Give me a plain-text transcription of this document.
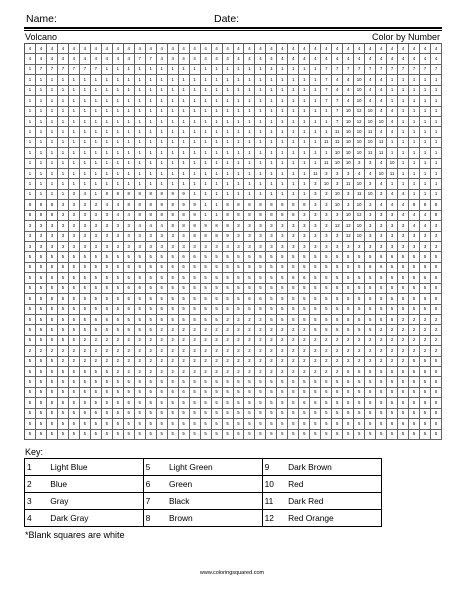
Name:	Date:
Volcano	Color by Number
4	4	4	4	4	4	4	4	4	4	4	4	4	4	4	4	4	4	4	4	4	4	4	4	4	4	4	4	4	4	4	4	4	4	4	4	4	4
4	4	4	4	4	4	4	4	4	4	7	7	4	4	4	4	4	4	4	4	4	4	4	4	4	4	4	4	4	4	4	4	4	4	4	4	4	4
1	7	7	7	7	7	7	1	1	1	1	1	1	1	1	1	1	1	1	1	1	1	1	1	1	1	1	7	7	7	7	7	7	7	7	7	7	7
1	1	1	1	1	1	1	1	1	1	1	1	1	1	1	1	1	1	1	1	1	1	1	1	1	1	1	7	4	4	10	4	4	1	1	1	1	1
1	1	1	1	1	1	1	1	1	1	1	1	1	1	1	1	1	1	1	1	1	1	1	1	1	1	1	7	4	4	10	4	4	1	1	1	1	1
1	1	1	1	1	1	1	1	1	1	1	1	1	1	1	1	1	1	1	1	1	1	1	1	1	1	1	7	7	4	10	4	4	1	1	1	1	1
1	1	1	1	1	1	1	1	1	1	1	1	1	1	1	1	1	1	1	1	1	1	1	1	1	1	1	1	7	10	12	10	4	4	1	1	1	1
1	1	1	1	1	1	1	1	1	1	1	1	1	1	1	1	1	1	1	1	1	1	1	1	1	1	1	1	7	10	12	10	10	4	1	1	1	1
1	1	1	1	1	1	1	1	1	1	1	1	1	1	1	1	1	1	1	1	1	1	1	1	1	1	1	1	11	10	10	11	4	4	1	1	1	1
1	1	1	1	1	1	1	1	1	1	1	1	1	1	1	1	1	1	1	1	1	1	1	1	1	1	1	11	11	10	10	10	11	1	1	1	1	1
1	1	1	1	1	1	1	1	1	1	1	1	1	1	1	1	1	1	1	1	1	1	1	1	1	1	1	1	10	10	10	11	11	1	1	1	1	1
1	1	1	1	1	1	1	1	1	1	1	1	1	1	1	1	1	1	1	1	1	1	1	1	1	1	1	11	10	10	3	3	4	10	1	1	1	1
1	1	1	1	1	1	1	1	1	1	1	1	1	1	1	1	1	1	1	1	1	1	1	1	1	1	11	3	3	3	4	4	10	11	1	1	1	1
1	1	1	1	1	1	1	1	1	1	1	1	1	1	1	1	1	1	1	1	1	1	1	1	1	1	3	10	3	11	10	3	4	1	1	1	1	1
1	1	1	1	3	4	1	8	8	8	8	8	8	9	9	1	1	1	1	1	1	1	1	1	1	1	3	3	10	3	11	10	3	4	4	1	1	1
8	8	8	3	3	3	3	4	4	8	8	8	8	8	9	9	1	1	8	8	8	8	8	8	8	8	3	3	10	3	10	3	4	4	4	8	8	8
8	8	8	3	3	3	3	3	4	4	8	8	8	8	8	9	1	1	8	8	8	8	8	8	8	3	3	3	3	10	12	3	3	3	4	4	4	8
3	3	3	3	3	3	3	3	3	3	4	4	4	8	8	8	9	8	8	3	3	3	3	3	3	3	3	3	12	12	10	3	3	3	3	4	4	3
3	3	3	3	3	3	3	3	3	3	3	3	3	3	4	8	8	8	9	3	3	3	3	3	3	3	3	3	3	12	10	3	3	3	3	3	3	3
3	3	3	3	3	3	3	3	3	3	3	3	3	3	3	3	3	3	3	3	3	3	3	3	3	3	3	3	3	3	3	3	3	3	3	3	3	3
5	5	5	5	5	5	5	5	5	5	5	5	5	5	6	6	5	5	5	5	5	5	5	5	5	5	5	5	5	5	5	5	6	6	5	5	5	5
5	5	5	5	5	5	5	5	5	5	5	5	5	6	6	5	5	5	5	5	5	5	5	5	5	5	5	5	5	5	5	6	6	5	5	5	5	5
5	6	6	5	5	5	5	5	5	5	5	5	5	5	5	5	5	5	5	5	5	5	5	5	6	6	5	5	5	5	5	5	5	5	5	5	6	6
5	5	5	5	5	5	5	5	5	6	6	5	5	5	5	5	5	5	5	5	5	5	5	5	5	5	5	5	5	5	5	5	5	5	5	5	5	5
5	5	5	5	5	5	5	5	5	5	5	5	5	5	5	5	5	5	5	5	6	6	5	5	5	5	5	5	5	5	5	5	5	5	5	5	5	5
5	5	5	5	5	5	5	5	5	5	5	5	5	5	5	5	5	5	5	5	5	5	5	5	5	5	5	5	5	5	5	5	5	5	5	5	5	5
5	5	5	5	5	5	6	6	5	5	5	5	5	5	5	5	5	5	2	2	2	2	5	5	5	5	5	5	5	5	5	5	5	5	2	2	2	2
5	5	5	5	5	5	5	5	5	5	5	5	2	2	2	2	2	2	2	2	2	2	2	2	2	2	5	5	5	5	5	5	2	2	2	2	2	2
5	5	5	5	5	2	2	2	2	2	2	2	2	2	2	2	2	2	2	2	2	2	2	2	2	2	2	2	2	2	2	2	2	2	2	2	2	2
2	2	2	2	2	2	2	2	2	2	2	2	2	2	2	2	2	2	2	2	2	2	2	2	2	2	2	2	2	2	2	2	2	2	2	2	2	2
5	5	5	2	2	2	2	2	2	2	2	2	2	2	2	2	2	2	2	2	2	2	2	2	2	2	2	2	2	2	2	2	2	2	2	5	5	5
5	5	5	5	5	5	5	5	2	2	2	2	2	2	2	2	2	2	2	2	2	2	2	2	2	2	2	2	2	5	5	5	5	5	5	5	5	5
5	5	5	5	5	5	5	5	5	5	5	5	5	5	5	5	5	5	5	5	5	5	5	5	5	5	5	5	5	5	5	5	5	5	5	5	5	5
5	5	5	5	5	5	5	5	5	5	5	5	5	6	6	5	5	5	5	5	5	5	5	5	5	5	5	5	5	5	5	5	5	5	5	5	5	5
5	5	5	5	5	5	5	5	5	5	5	5	5	5	5	5	5	5	5	5	5	5	5	5	5	6	6	5	5	5	5	5	5	5	5	5	5	5
5	5	5	5	5	6	6	5	5	5	5	5	5	5	5	5	5	5	5	5	5	5	5	5	5	5	5	5	5	5	5	5	5	5	5	5	5	5
5	5	5	5	5	5	5	5	5	5	5	5	5	5	5	5	5	5	5	5	5	5	5	5	5	5	5	5	5	5	5	5	5	6	6	5	5	5
5	5	5	5	5	5	5	5	5	5	5	5	5	5	5	5	5	5	5	5	5	5	5	5	5	5	5	5	5	5	5	5	5	5	5	5	5	5
Key:
1	Light Blue	5	Light Green	9	Dark Brown
2	Blue	6	Green	10	Red
3	Gray	7	Black	11	Dark Red
4	Dark Gray	8	Brown	12	Red Orange
*Blank squares are white
www.coloringsquared.com
